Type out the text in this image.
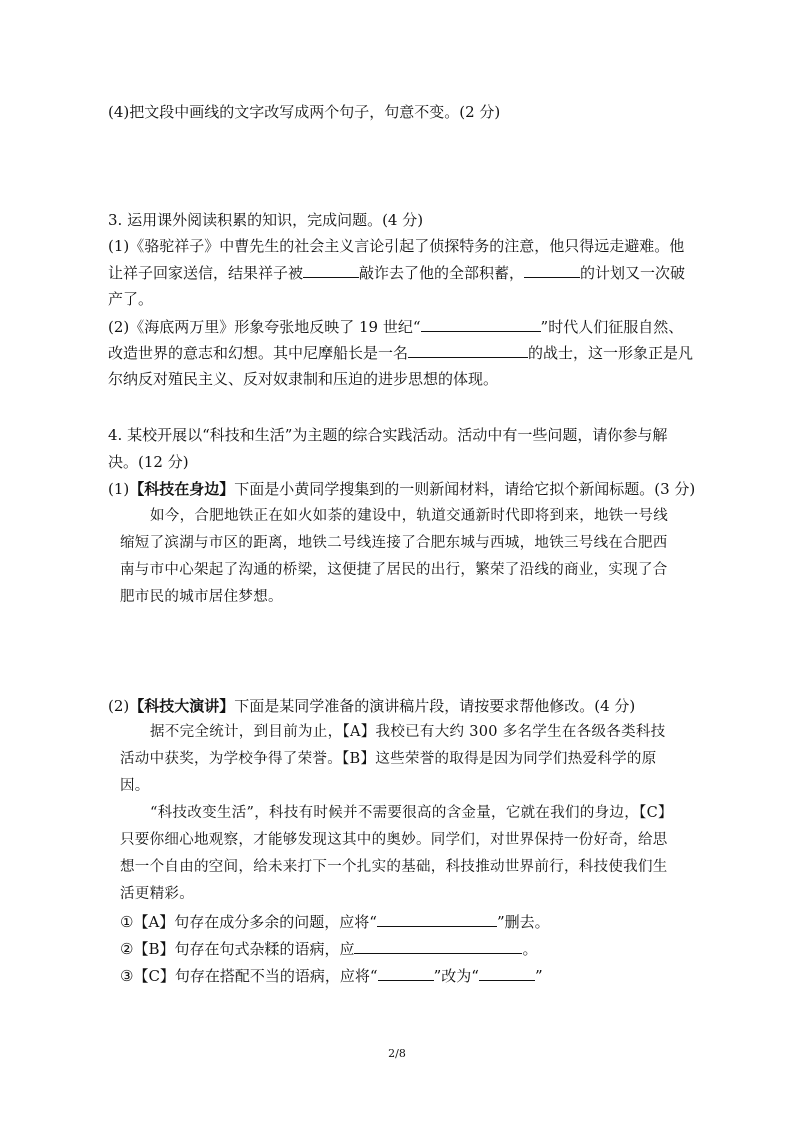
(4)把文段中画线的文字改写成两个句子，句意不变。(2 分)
3. 运用课外阅读积累的知识，完成问题。(4 分)
(1)《骆驼祥子》中曹先生的社会主义言论引起了侦探特务的注意，他只得远走避难。他
让祥子回家送信，结果祥子被	敲诈去了他的全部积蓄，	的计划又一次破
产了。
(2)《海底两万里》形象夸张地反映了 19 世纪“	”时代人们征服自然、
改造世界的意志和幻想。其中尼摩船长是一名	的战士，这一形象正是凡
尔纳反对殖民主义、反对奴隶制和压迫的进步思想的体现。
4. 某校开展以“科技和生活”为主题的综合实践活动。活动中有一些问题，请你参与解
决。(12 分)
(1)【科技在身边】下面是小黄同学搜集到的一则新闻材料，请给它拟个新闻标题。(3 分)
如今，合肥地铁正在如火如荼的建设中，轨道交通新时代即将到来，地铁一号线
缩短了滨湖与市区的距离，地铁二号线连接了合肥东城与西城，地铁三号线在合肥西
南与市中心架起了沟通的桥梁，这便捷了居民的出行，繁荣了沿线的商业，实现了合
肥市民的城市居住梦想。
(2)【科技大演讲】下面是某同学准备的演讲稿片段，请按要求帮他修改。(4 分)
据不完全统计，到目前为止，【A】我校已有大约 300 多名学生在各级各类科技
活动中获奖，为学校争得了荣誉。【B】这些荣誉的取得是因为同学们热爱科学的原
因。
“科技改变生活”，科技有时候并不需要很高的含金量，它就在我们的身边，【C】
只要你细心地观察，才能够发现这其中的奥妙。同学们，对世界保持一份好奇，给思
想一个自由的空间，给未来打下一个扎实的基础，科技推动世界前行，科技使我们生
活更精彩。
①【A】句存在成分多余的问题，应将“	”删去。
②【B】句存在句式杂糅的语病，应	。
③【C】句存在搭配不当的语病，应将“	”改为“	”
2/8
